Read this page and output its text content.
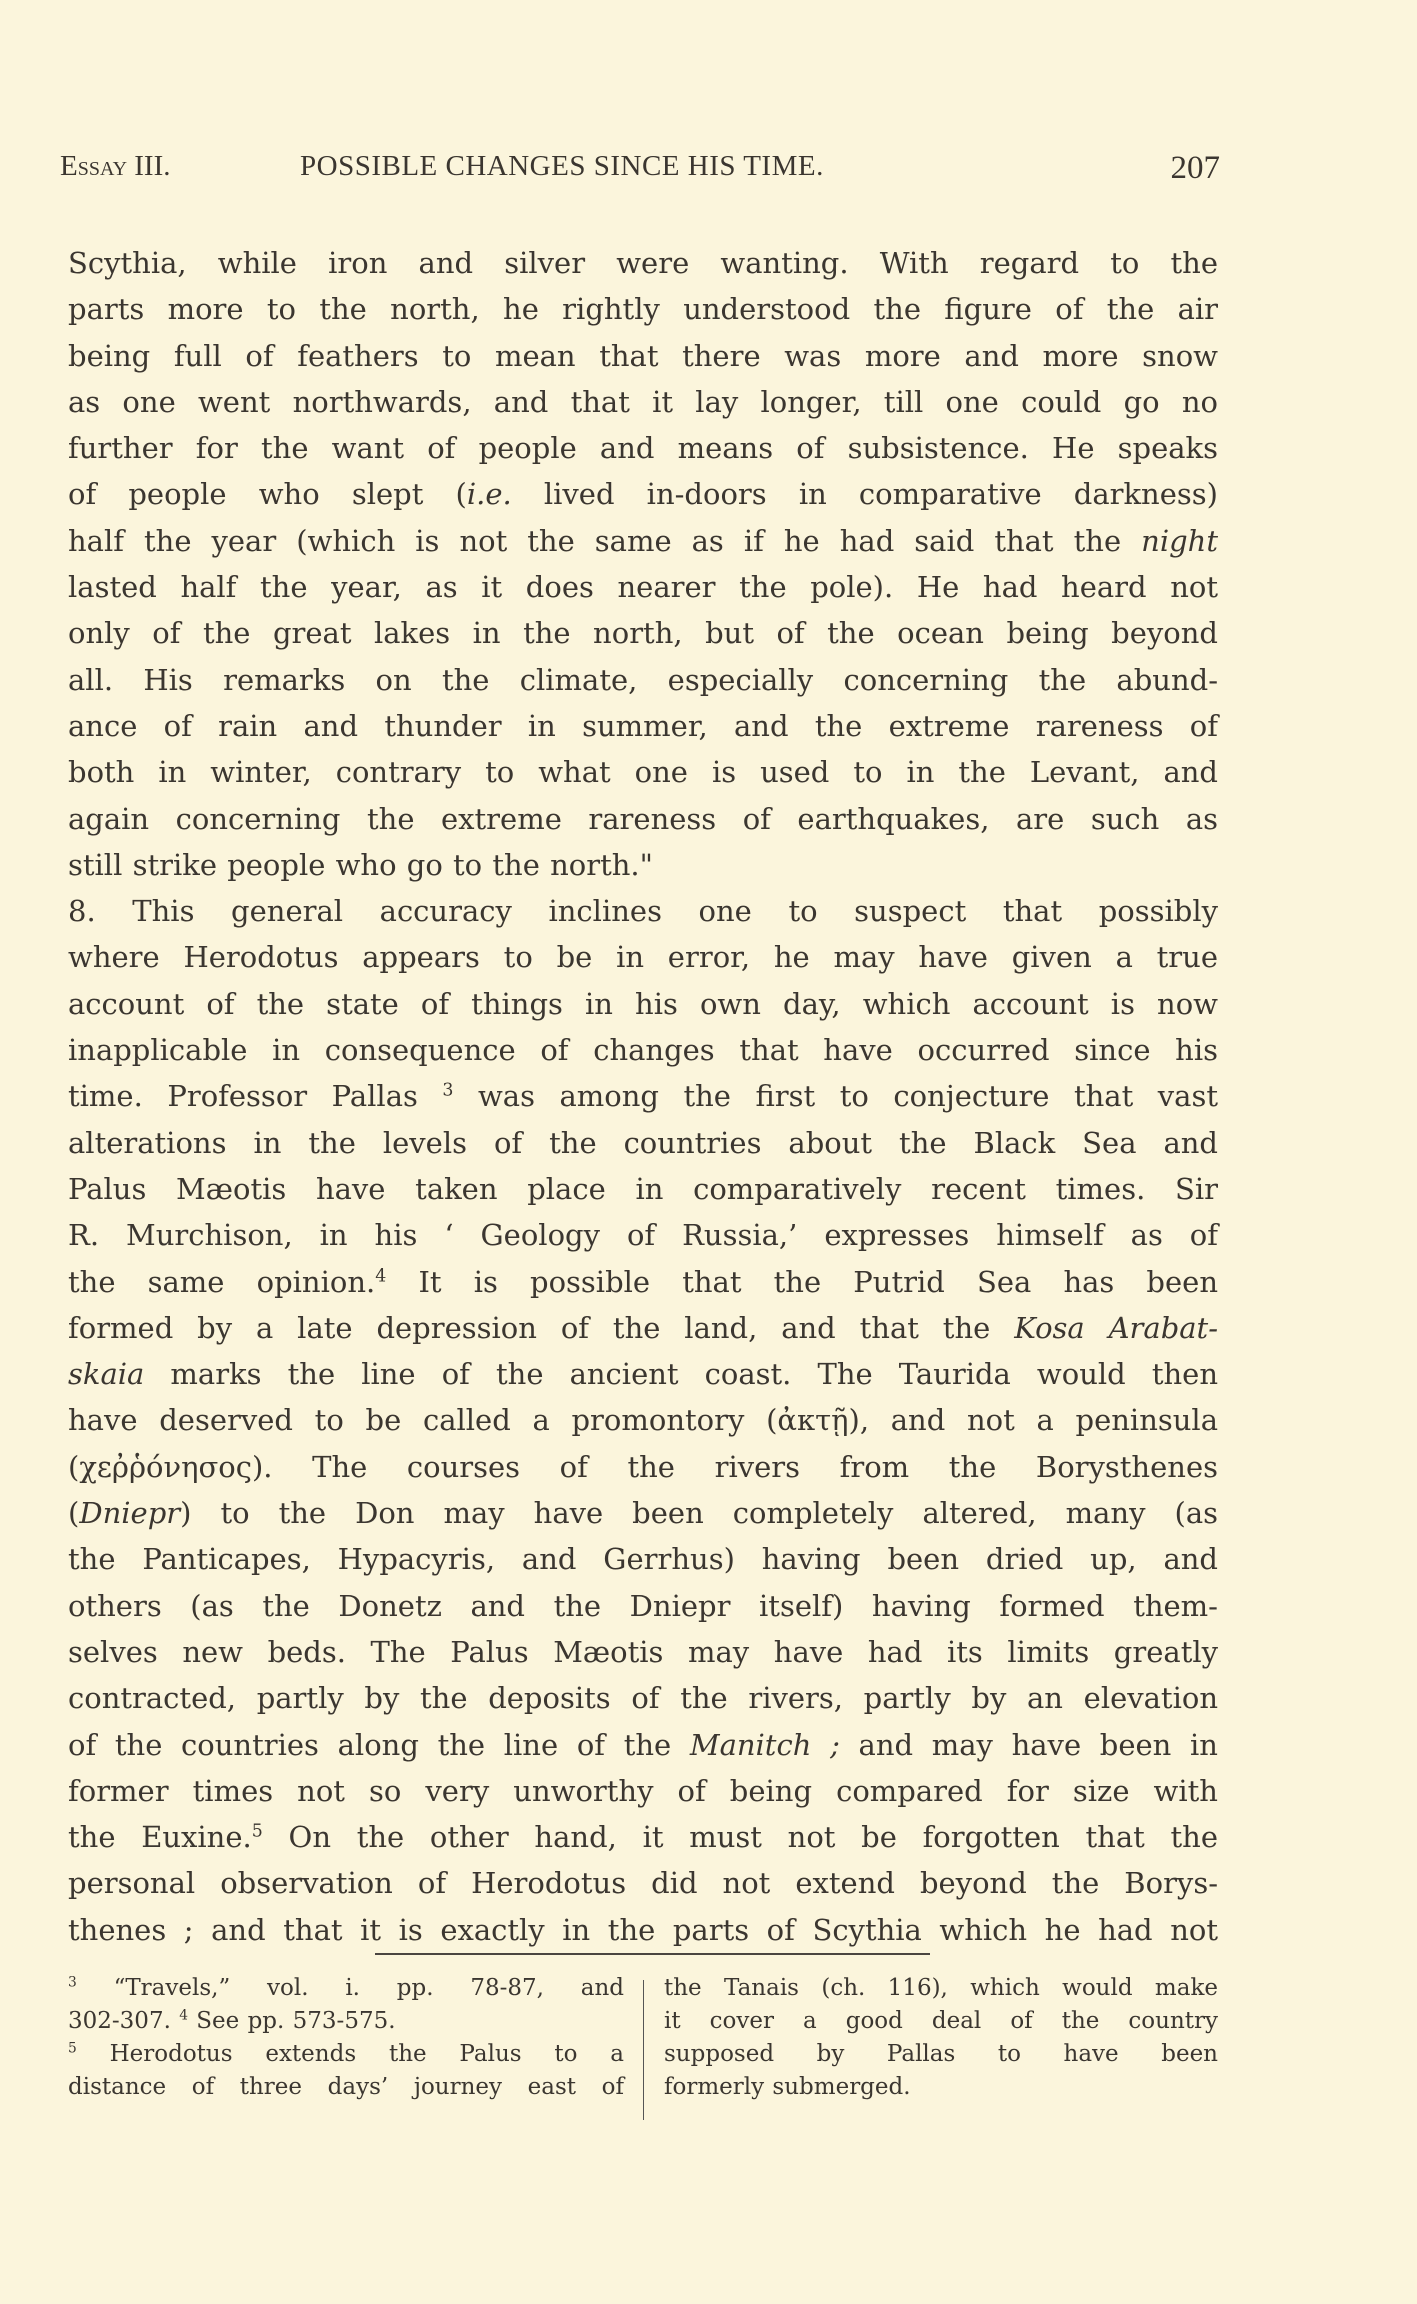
Essay III.	POSSIBLE CHANGES SINCE HIS TIME.	207
Scythia, while iron and silver were wanting. With regard to the
parts more to the north, he rightly understood the figure of the air
being full of feathers to mean that there was more and more snow
as one went northwards, and that it lay longer, till one could go no
further for the want of people and means of subsistence. He speaks
of people who slept (i.e. lived in-doors in comparative darkness)
half the year (which is not the same as if he had said that the night
lasted half the year, as it does nearer the pole). He had heard not
only of the great lakes in the north, but of the ocean being beyond
all. His remarks on the climate, especially concerning the abund-
ance of rain and thunder in summer, and the extreme rareness of
both in winter, contrary to what one is used to in the Levant, and
again concerning the extreme rareness of earthquakes, are such as
still strike people who go to the north."
8. This general accuracy inclines one to suspect that possibly
where Herodotus appears to be in error, he may have given a true
account of the state of things in his own day, which account is now
inapplicable in consequence of changes that have occurred since his
time. Professor Pallas $^3$ was among the first to conjecture that vast
alterations in the levels of the countries about the Black Sea and
Palus Mæotis have taken place in comparatively recent times. Sir
R. Murchison, in his ‘ Geology of Russia,’ expresses himself as of
the same opinion.$^4$ It is possible that the Putrid Sea has been
formed by a late depression of the land, and that the Kosa Arabat-
skaia marks the line of the ancient coast. The Taurida would then
have deserved to be called a promontory (ἀκτῇ), and not a peninsula
(χεῤῥόνησος). The courses of the rivers from the Borysthenes
(Dniepr) to the Don may have been completely altered, many (as
the Panticapes, Hypacyris, and Gerrhus) having been dried up, and
others (as the Donetz and the Dniepr itself) having formed them-
selves new beds. The Palus Mæotis may have had its limits greatly
contracted, partly by the deposits of the rivers, partly by an elevation
of the countries along the line of the Manitch ; and may have been in
former times not so very unworthy of being compared for size with
the Euxine.$^5$ On the other hand, it must not be forgotten that the
personal observation of Herodotus did not extend beyond the Borys-
thenes ; and that it is exactly in the parts of Scythia which he had not
$^3$ “Travels,” vol. i. pp. 78-87, and
302-307. $^4$ See pp. 573-575.
$^5$ Herodotus extends the Palus to a
distance of three days’ journey east of
the Tanais (ch. 116), which would make
it cover a good deal of the country
supposed by Pallas to have been
formerly submerged.
